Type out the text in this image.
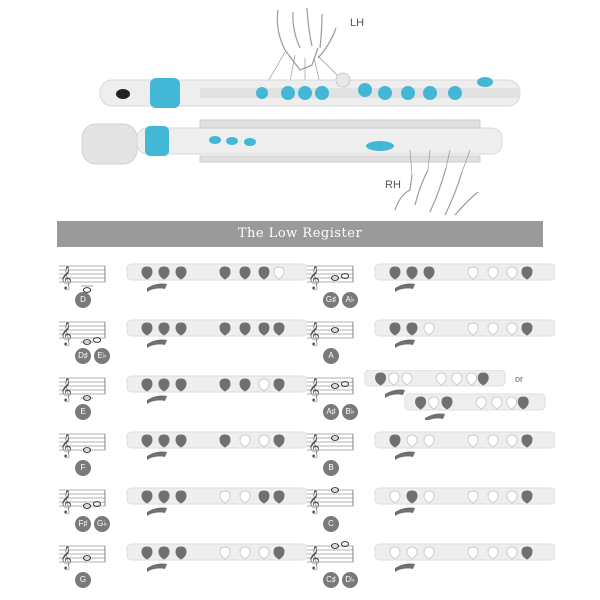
LH
RH
The Low Register
𝄞
D
𝄞
D♯	E♭
𝄞
E
𝄞
F
𝄞
F♯	G♭
𝄞
G
𝄞
G♯	A♭
𝄞
A
𝄞
A♯	B♭
or
𝄞
B
𝄞
C
𝄞
C♯	D♭
